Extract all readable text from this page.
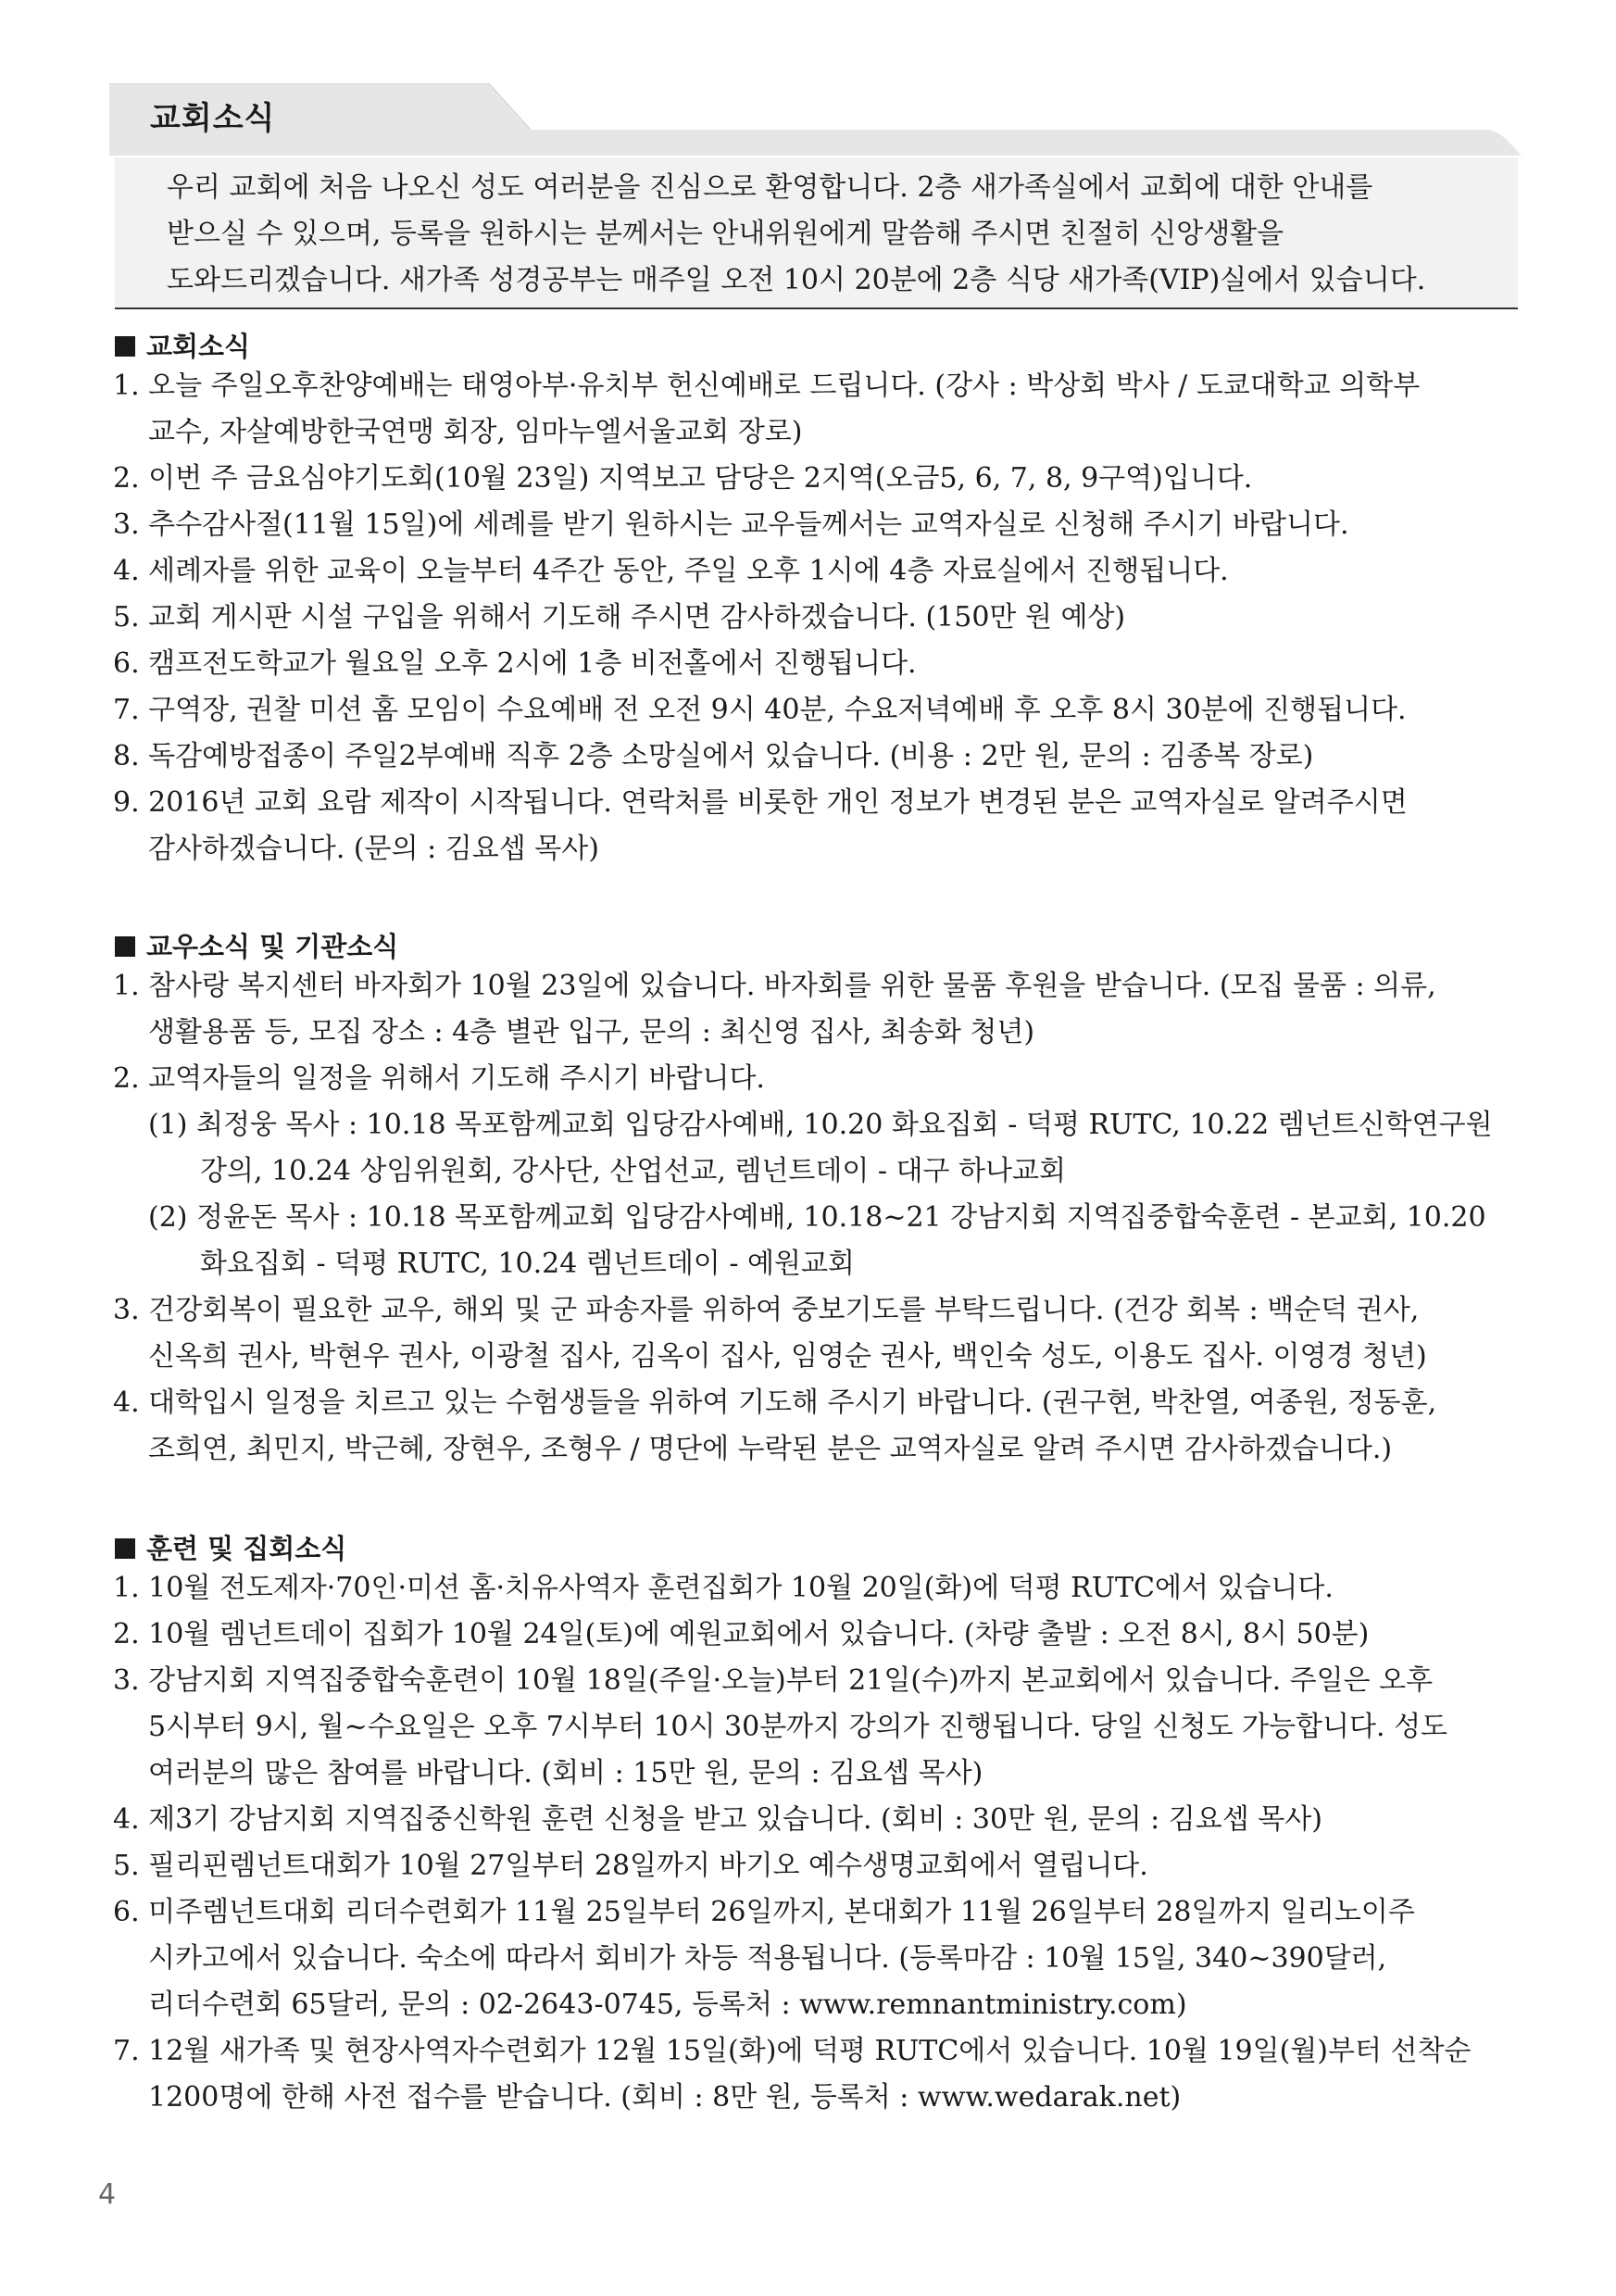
교회소식
우리 교회에 처음 나오신 성도 여러분을 진심으로 환영합니다. 2층 새가족실에서 교회에 대한 안내를
받으실 수 있으며, 등록을 원하시는 분께서는 안내위원에게 말씀해 주시면 친절히 신앙생활을
도와드리겠습니다. 새가족 성경공부는 매주일 오전 10시 20분에 2층 식당 새가족(VIP)실에서 있습니다.
교회소식
1. 오늘 주일오후찬양예배는 태영아부·유치부 헌신예배로 드립니다. (강사 : 박상회 박사 / 도쿄대학교 의학부
교수, 자살예방한국연맹 회장, 임마누엘서울교회 장로)
2. 이번 주 금요심야기도회(10월 23일) 지역보고 담당은 2지역(오금5, 6, 7, 8, 9구역)입니다.
3. 추수감사절(11월 15일)에 세례를 받기 원하시는 교우들께서는 교역자실로 신청해 주시기 바랍니다.
4. 세례자를 위한 교육이 오늘부터 4주간 동안, 주일 오후 1시에 4층 자료실에서 진행됩니다.
5. 교회 게시판 시설 구입을 위해서 기도해 주시면 감사하겠습니다. (150만 원 예상)
6. 캠프전도학교가 월요일 오후 2시에 1층 비전홀에서 진행됩니다.
7. 구역장, 권찰 미션 홈 모임이 수요예배 전 오전 9시 40분, 수요저녁예배 후 오후 8시 30분에 진행됩니다.
8. 독감예방접종이 주일2부예배 직후 2층 소망실에서 있습니다. (비용 : 2만 원, 문의 : 김종복 장로)
9. 2016년 교회 요람 제작이 시작됩니다. 연락처를 비롯한 개인 정보가 변경된 분은 교역자실로 알려주시면
감사하겠습니다. (문의 : 김요셉 목사)
교우소식 및 기관소식
1. 참사랑 복지센터 바자회가 10월 23일에 있습니다. 바자회를 위한 물품 후원을 받습니다. (모집 물품 : 의류,
생활용품 등, 모집 장소 : 4층 별관 입구, 문의 : 최신영 집사, 최송화 청년)
2. 교역자들의 일정을 위해서 기도해 주시기 바랍니다.
(1) 최정웅 목사 : 10.18 목포함께교회 입당감사예배, 10.20 화요집회 - 덕평 RUTC, 10.22 렘넌트신학연구원
강의, 10.24 상임위원회, 강사단, 산업선교, 렘넌트데이 - 대구 하나교회
(2) 정윤돈 목사 : 10.18 목포함께교회 입당감사예배, 10.18~21 강남지회 지역집중합숙훈련 - 본교회, 10.20
화요집회 - 덕평 RUTC, 10.24 렘넌트데이 - 예원교회
3. 건강회복이 필요한 교우, 해외 및 군 파송자를 위하여 중보기도를 부탁드립니다. (건강 회복 : 백순덕 권사,
신옥희 권사, 박현우 권사, 이광철 집사, 김옥이 집사, 임영순 권사, 백인숙 성도, 이용도 집사. 이영경 청년)
4. 대학입시 일정을 치르고 있는 수험생들을 위하여 기도해 주시기 바랍니다. (권구현, 박찬열, 여종원, 정동훈,
조희연, 최민지, 박근혜, 장현우, 조형우 / 명단에 누락된 분은 교역자실로 알려 주시면 감사하겠습니다.)
훈련 및 집회소식
1. 10월 전도제자·70인·미션 홈·치유사역자 훈련집회가 10월 20일(화)에 덕평 RUTC에서 있습니다.
2. 10월 렘넌트데이 집회가 10월 24일(토)에 예원교회에서 있습니다. (차량 출발 : 오전 8시, 8시 50분)
3. 강남지회 지역집중합숙훈련이 10월 18일(주일·오늘)부터 21일(수)까지 본교회에서 있습니다. 주일은 오후
5시부터 9시, 월~수요일은 오후 7시부터 10시 30분까지 강의가 진행됩니다. 당일 신청도 가능합니다. 성도
여러분의 많은 참여를 바랍니다. (회비 : 15만 원, 문의 : 김요셉 목사)
4. 제3기 강남지회 지역집중신학원 훈련 신청을 받고 있습니다. (회비 : 30만 원, 문의 : 김요셉 목사)
5. 필리핀렘넌트대회가 10월 27일부터 28일까지 바기오 예수생명교회에서 열립니다.
6. 미주렘넌트대회 리더수련회가 11월 25일부터 26일까지, 본대회가 11월 26일부터 28일까지 일리노이주
시카고에서 있습니다. 숙소에 따라서 회비가 차등 적용됩니다. (등록마감 : 10월 15일, 340~390달러,
리더수련회 65달러, 문의 : 02-2643-0745, 등록처 : www.remnantministry.com)
7. 12월 새가족 및 현장사역자수련회가 12월 15일(화)에 덕평 RUTC에서 있습니다. 10월 19일(월)부터 선착순
1200명에 한해 사전 접수를 받습니다. (회비 : 8만 원, 등록처 : www.wedarak.net)
4
